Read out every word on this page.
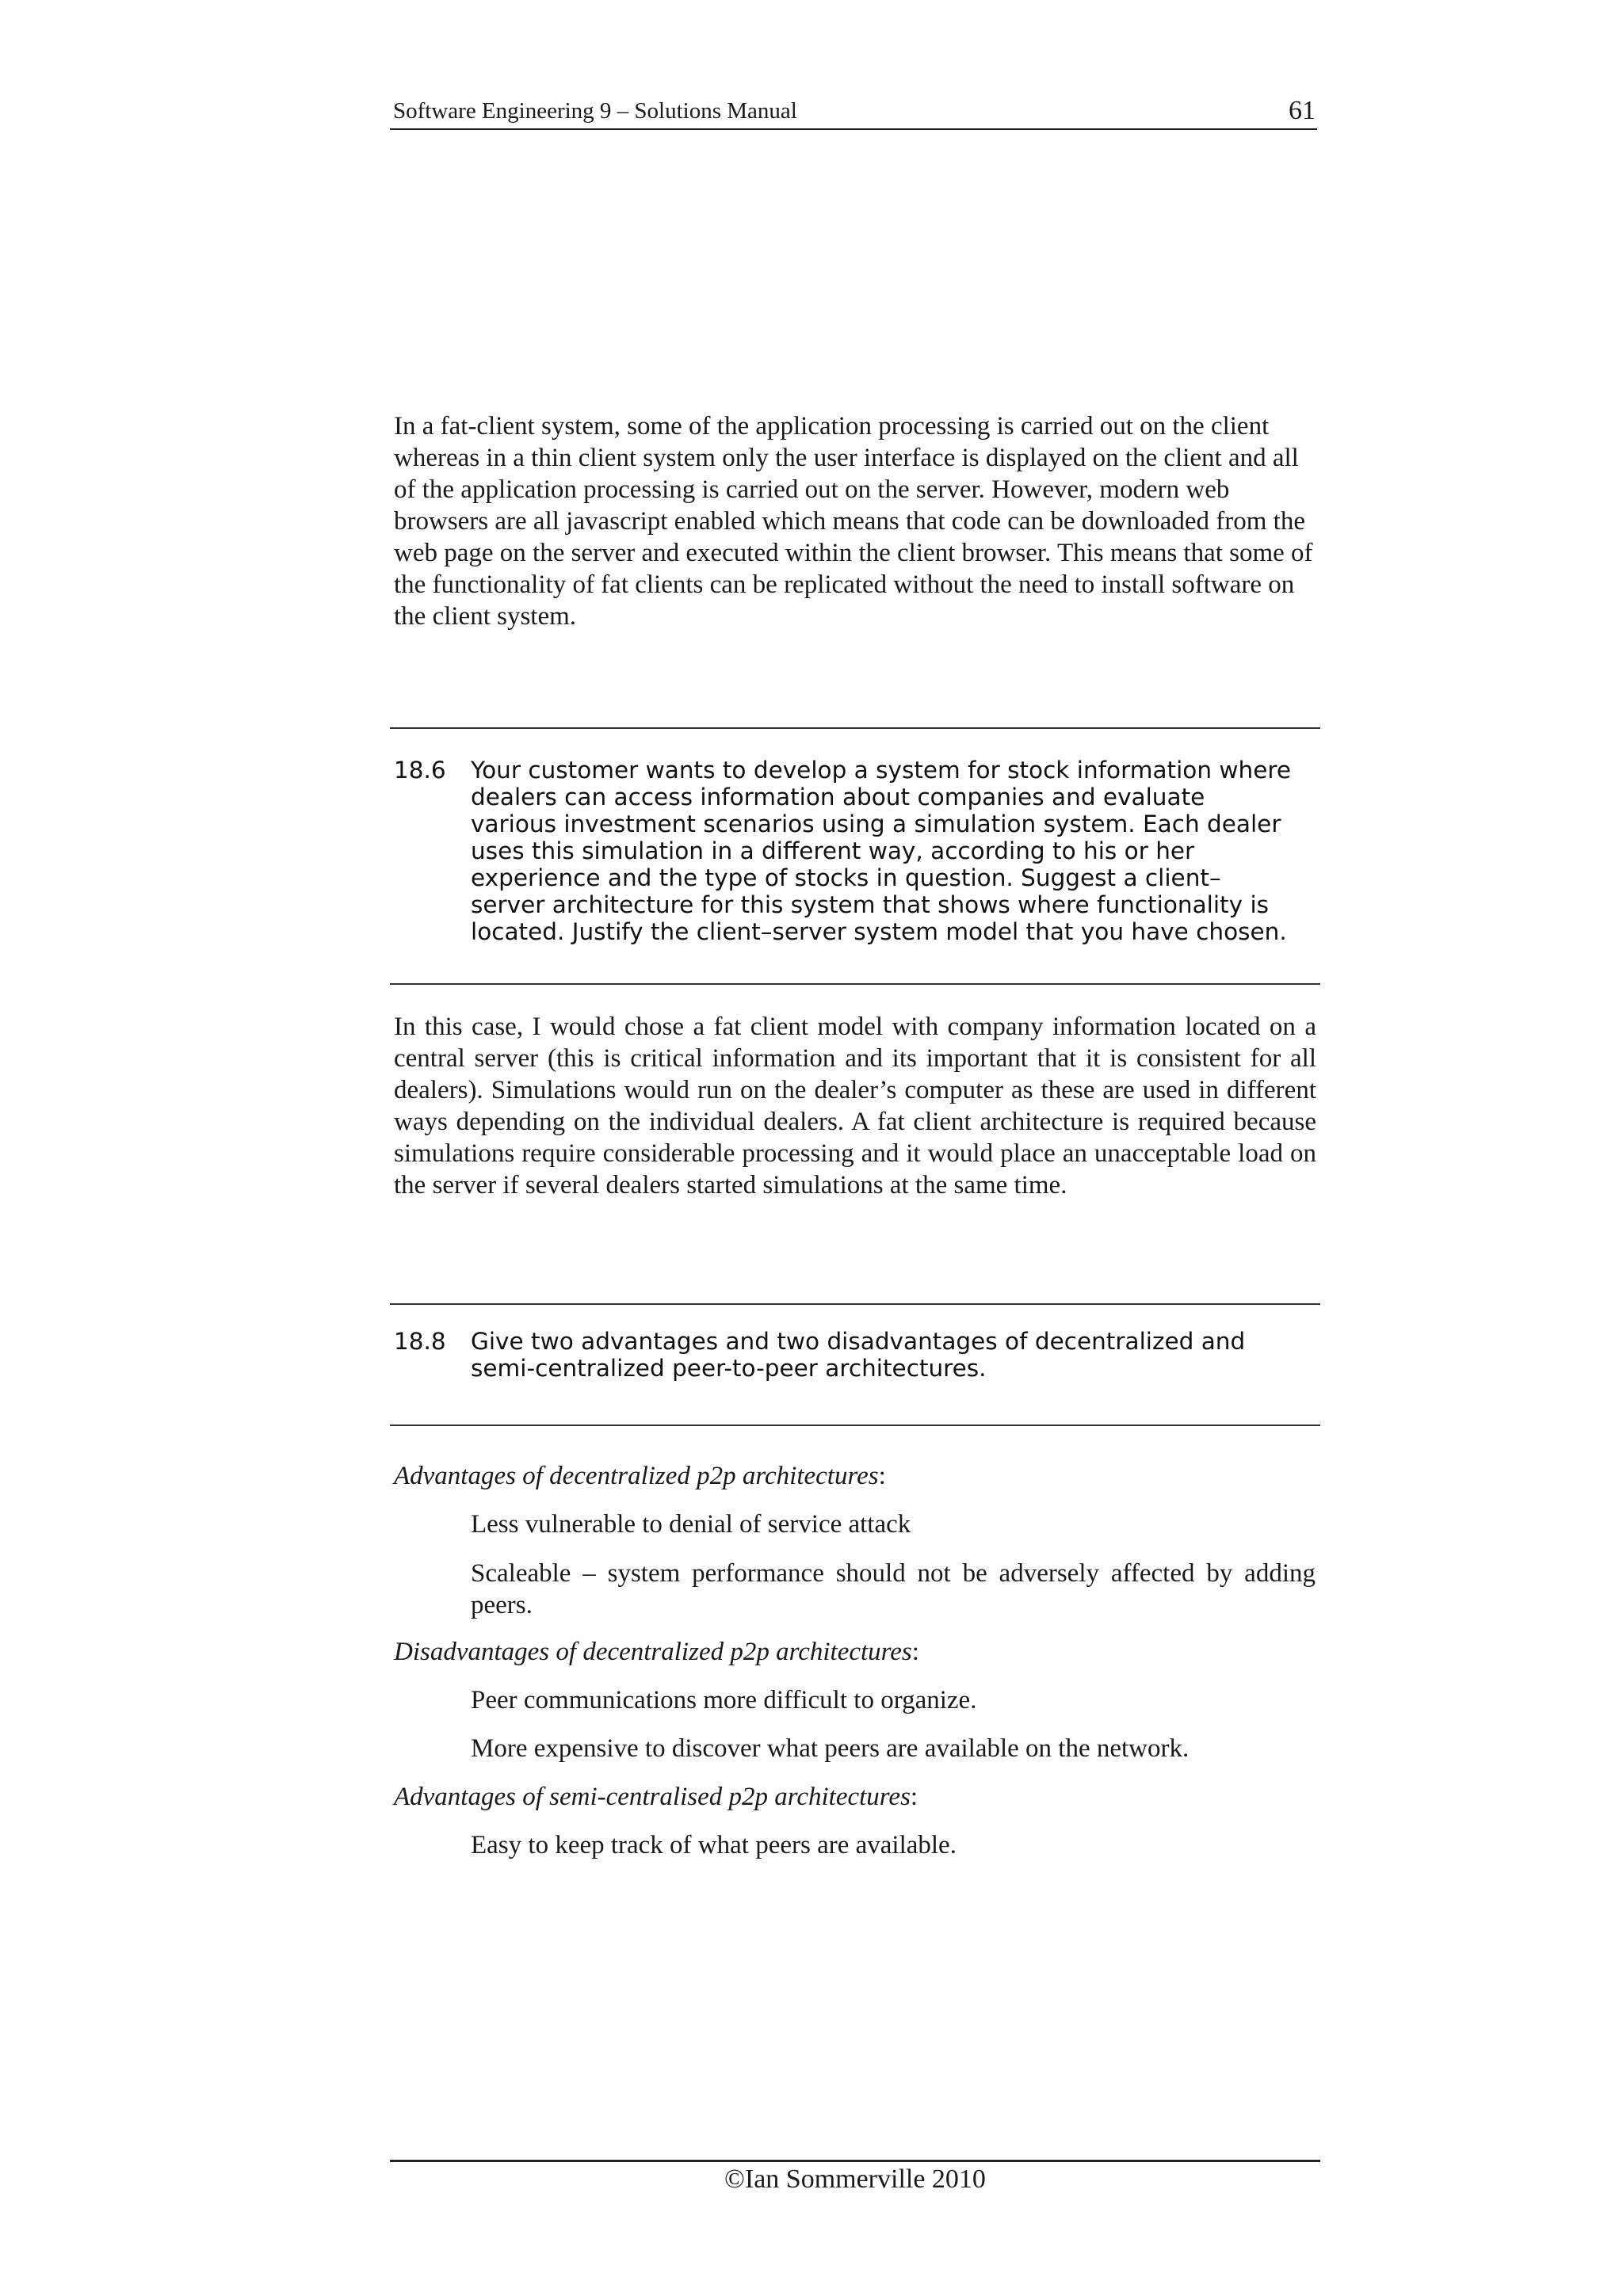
Software Engineering 9 – Solutions Manual	61

In a fat-client system, some of the application processing is carried out on the client whereas in a thin client system only the user interface is displayed on the client and all of the application processing is carried out on the server. However, modern web browsers are all javascript enabled which means that code can be downloaded from the web page on the server and executed within the client browser. This means that some of the functionality of fat clients can be replicated without the need to install software on the client system.

18.6 Your customer wants to develop a system for stock information where dealers can access information about companies and evaluate various investment scenarios using a simulation system. Each dealer uses this simulation in a different way, according to his or her experience and the type of stocks in question. Suggest a client–server architecture for this system that shows where functionality is located. Justify the client–server system model that you have chosen.

In this case, I would chose a fat client model with company information located on a central server (this is critical information and its important that it is consistent for all dealers). Simulations would run on the dealer’s computer as these are used in different ways depending on the individual dealers. A fat client architecture is required because simulations require considerable processing and it would place an unacceptable load on the server if several dealers started simulations at the same time.

18.8 Give two advantages and two disadvantages of decentralized and semi-centralized peer-to-peer architectures.

Advantages of decentralized p2p architectures:

Less vulnerable to denial of service attack

Scaleable – system performance should not be adversely affected by adding peers.

Disadvantages of decentralized p2p architectures:

Peer communications more difficult to organize.

More expensive to discover what peers are available on the network.

Advantages of semi-centralised p2p architectures:

Easy to keep track of what peers are available.

©Ian Sommerville 2010
